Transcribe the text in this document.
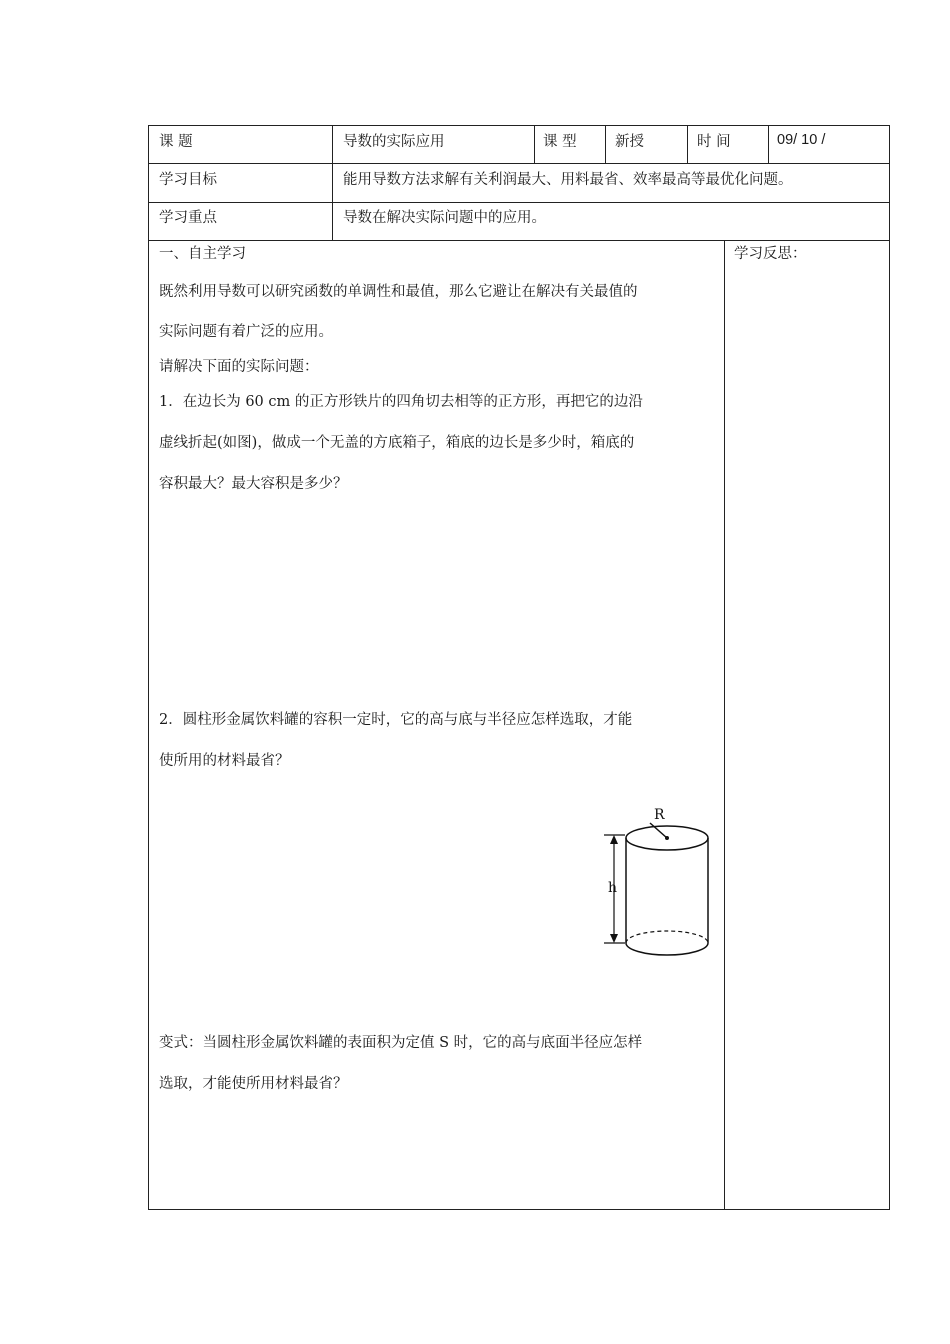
课 题	导数的实际应用	课 型	新授	时 间	09/ 10 /
学习目标	能用导数方法求解有关利润最大、用料最省、效率最高等最优化问题。
学习重点	导数在解决实际问题中的应用。
学习反思：
一、自主学习
既然利用导数可以研究函数的单调性和最值，那么它避让在解决有关最值的
实际问题有着广泛的应用。
请解决下面的实际问题：
1．在边长为 60 cm 的正方形铁片的四角切去相等的正方形，再把它的边沿
虚线折起(如图)，做成一个无盖的方底箱子，箱底的边长是多少时，箱底的
容积最大？最大容积是多少？
2．圆柱形金属饮料罐的容积一定时，它的高与底与半径应怎样选取，才能
使所用的材料最省？
变式：当圆柱形金属饮料罐的表面积为定值 S 时，它的高与底面半径应怎样
选取，才能使所用材料最省？
R
h
